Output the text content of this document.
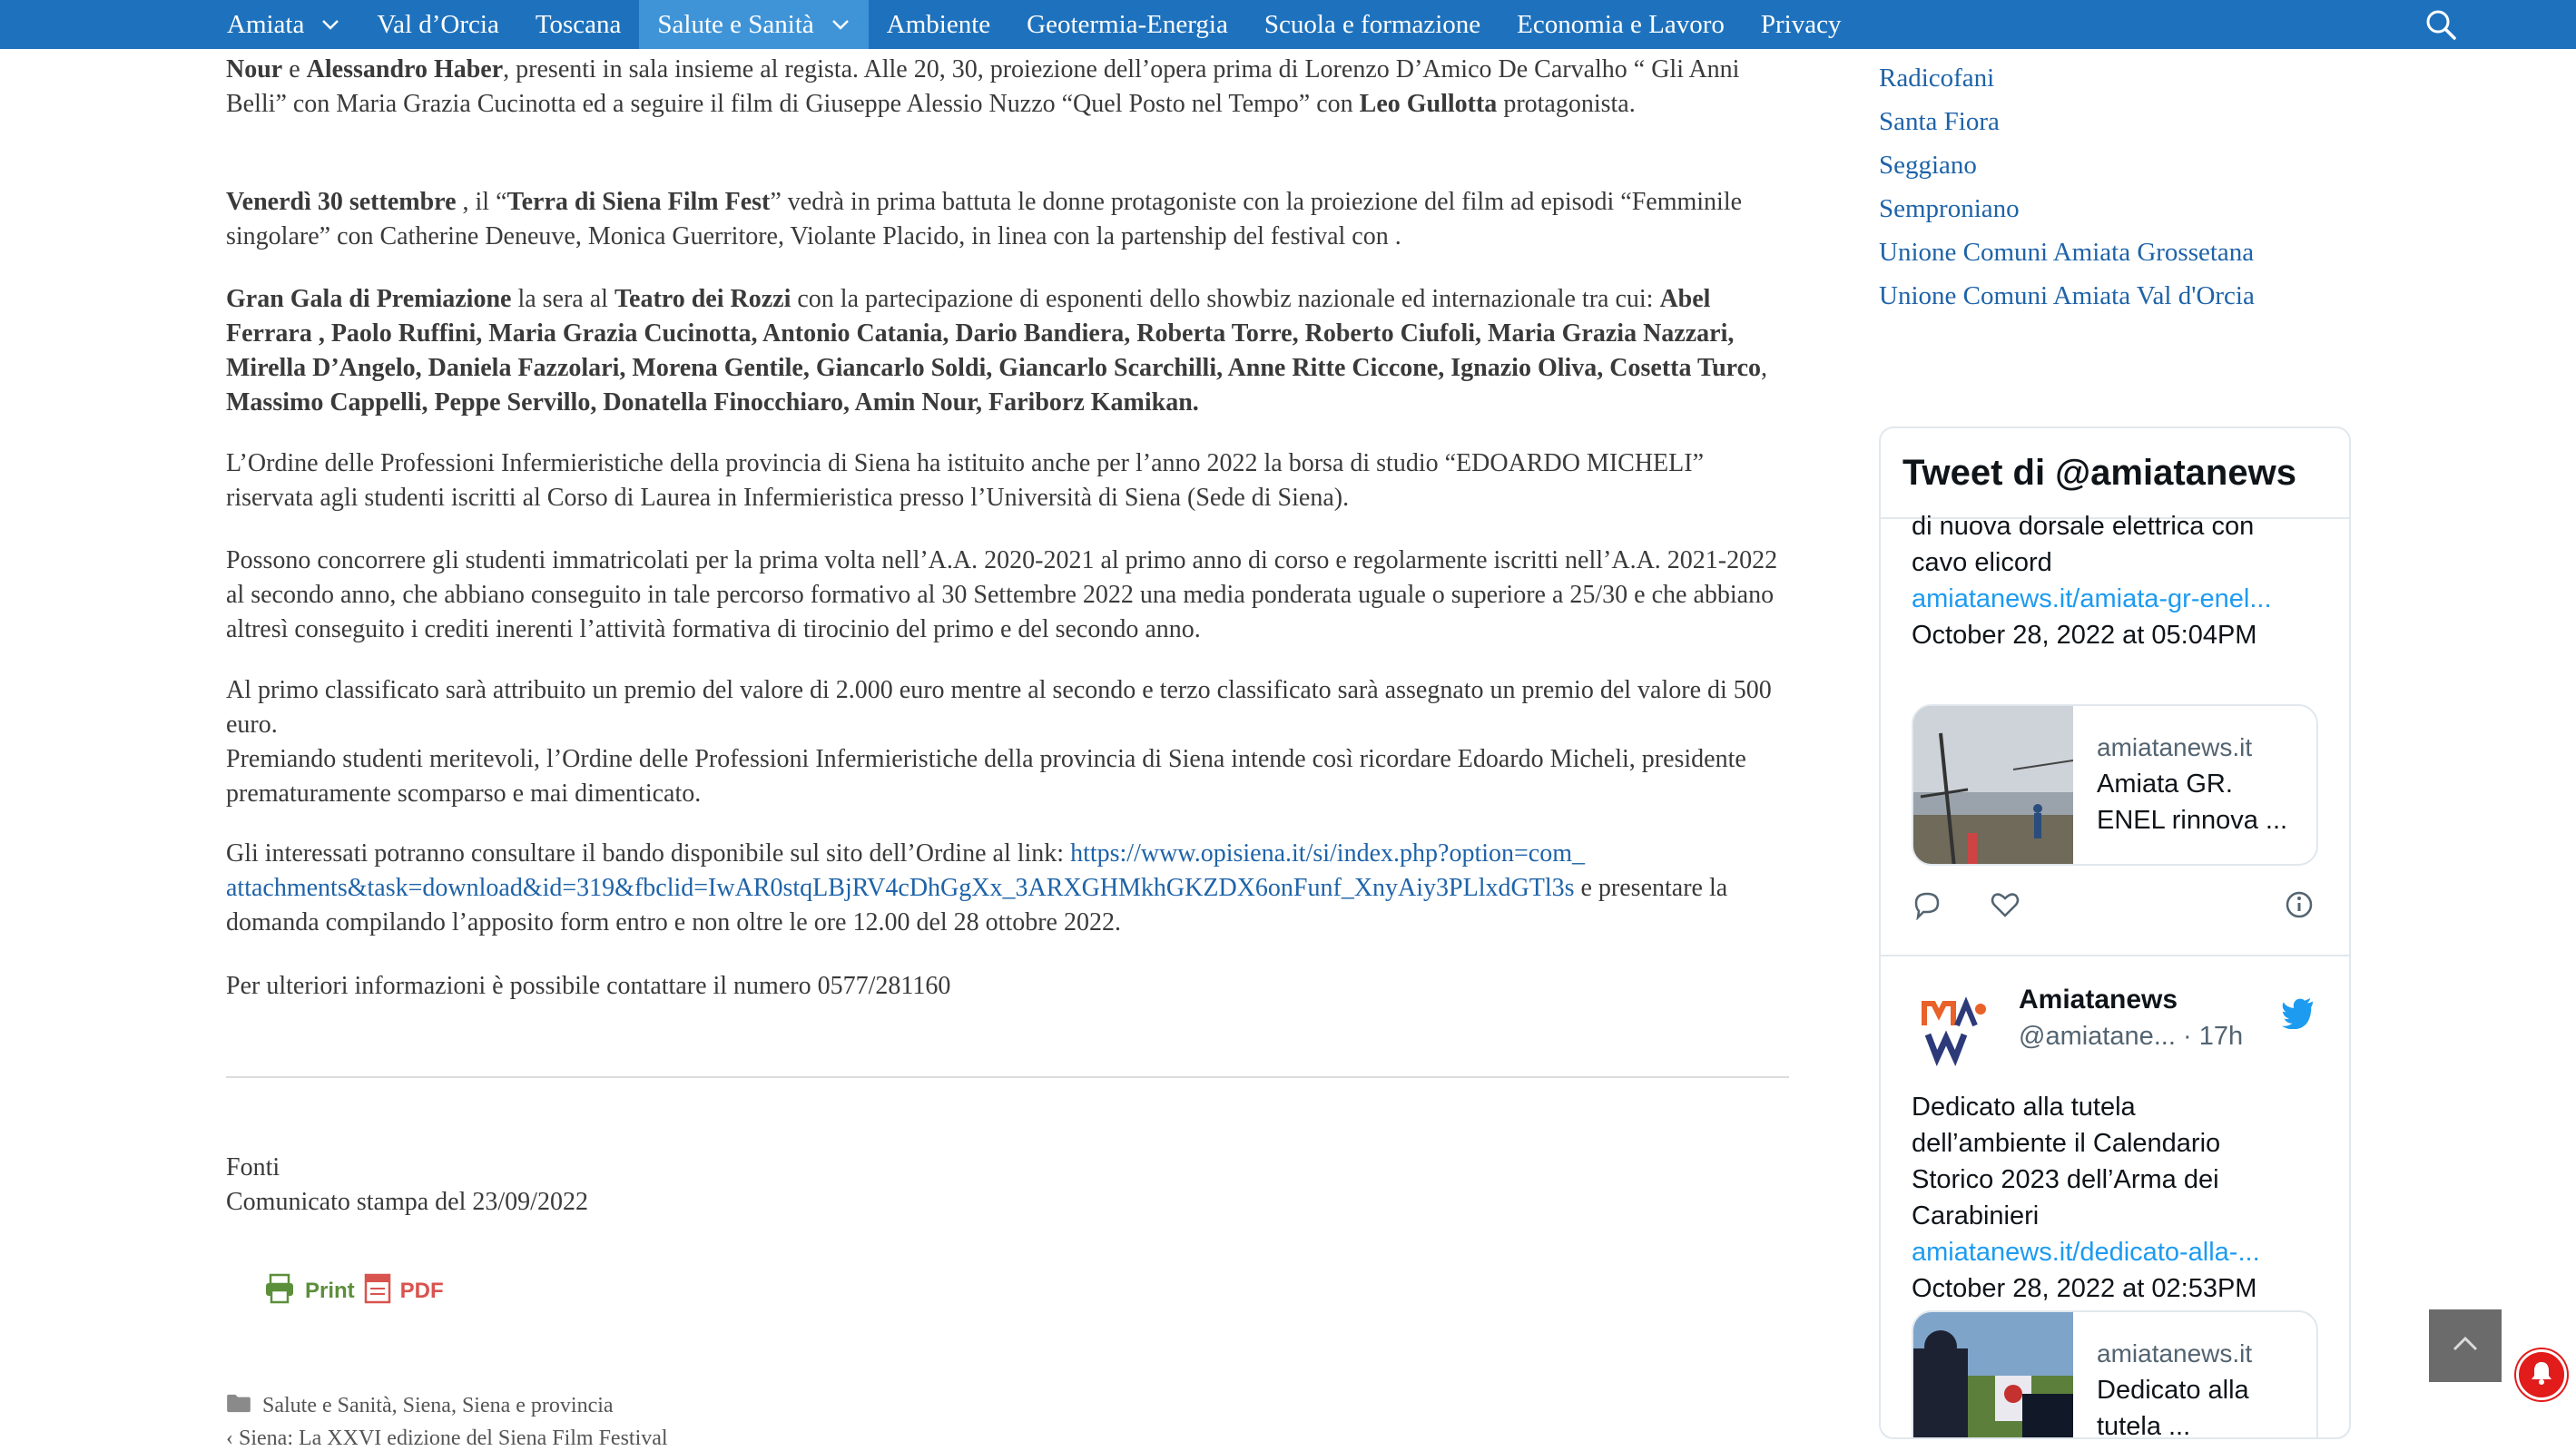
Amiata	Val d’Orcia Toscana Salute e Sanità	Ambiente Geotermia-Energia Scuola e formazione Economia e Lavoro Privacy

Nour e Alessandro Haber, presenti in sala insieme al regista. Alle 20, 30, proiezione dell’opera prima di Lorenzo D’Amico De Carvalho “ Gli Anni Belli” con Maria Grazia Cucinotta ed a seguire il film di Giuseppe Alessio Nuzzo “Quel Posto nel Tempo” con Leo Gullotta protagonista.

Venerdì 30 settembre , il “Terra di Siena Film Fest” vedrà in prima battuta le donne protagoniste con la proiezione del film ad episodi “Femminile singolare” con Catherine Deneuve, Monica Guerritore, Violante Placido, in linea con la partenship del festival con .

Gran Gala di Premiazione la sera al Teatro dei Rozzi con la partecipazione di esponenti dello showbiz nazionale ed internazionale tra cui: Abel Ferrara , Paolo Ruffini, Maria Grazia Cucinotta, Antonio Catania, Dario Bandiera, Roberta Torre, Roberto Ciufoli, Maria Grazia Nazzari, Mirella D’Angelo, Daniela Fazzolari, Morena Gentile, Giancarlo Soldi, Giancarlo Scarchilli, Anne Ritte Ciccone, Ignazio Oliva, Cosetta Turco, Massimo Cappelli, Peppe Servillo, Donatella Finocchiaro, Amin Nour, Fariborz Kamikan.

L’Ordine delle Professioni Infermieristiche della provincia di Siena ha istituito anche per l’anno 2022 la borsa di studio “EDOARDO MICHELI” riservata agli studenti iscritti al Corso di Laurea in Infermieristica presso l’Università di Siena (Sede di Siena).

Possono concorrere gli studenti immatricolati per la prima volta nell’A.A. 2020-2021 al primo anno di corso e regolarmente iscritti nell’A.A. 2021-2022 al secondo anno, che abbiano conseguito in tale percorso formativo al 30 Settembre 2022 una media ponderata uguale o superiore a 25/30 e che abbiano altresì conseguito i crediti inerenti l’attività formativa di tirocinio del primo e del secondo anno.

Al primo classificato sarà attribuito un premio del valore di 2.000 euro mentre al secondo e terzo classificato sarà assegnato un premio del valore di 500 euro.

Premiando studenti meritevoli, l’Ordine delle Professioni Infermieristiche della provincia di Siena intende così ricordare Edoardo Micheli, presidente prematuramente scomparso e mai dimenticato.

Gli interessati potranno consultare il bando disponibile sul sito dell’Ordine al link: https://www.opisiena.it/si/index.php?option=com_
attachments&task=download&id=319&fbclid=IwAR0stqLBjRV4cDhGgXx_3ARXGHMkhGKZDX6onFunf_XnyAiy3PLlxdGTl3s e presentare la domanda compilando l’apposito form entro e non oltre le ore 12.00 del 28 ottobre 2022.

Per ulteriori informazioni è possibile contattare il numero 0577/281160

Fonti
Comunicato stampa del 23/09/2022
Print PDF
Salute e Sanità, Siena, Siena e provincia
‹ Siena: La XXVI edizione del Siena Film Festival
Radicofani
Santa Fiora
Seggiano
Semproniano
Unione Comuni Amiata Grossetana
Unione Comuni Amiata Val d'Orcia
Tweet di @amiatanews

di nuova dorsale elettrica con

cavo elicord

amiatanews.it/amiata-gr-enel...

October 28, 2022 at 05:04PM

amiatanews.it
Amiata GR.
ENEL rinnova ...
Amiatanews
@amiatane... · 17h

Dedicato alla tutela

dell’ambiente il Calendario

Storico 2023 dell’Arma dei

Carabinieri

amiatanews.it/dedicato-alla-...

October 28, 2022 at 02:53PM

amiatanews.it
Dedicato alla
tutela ...
